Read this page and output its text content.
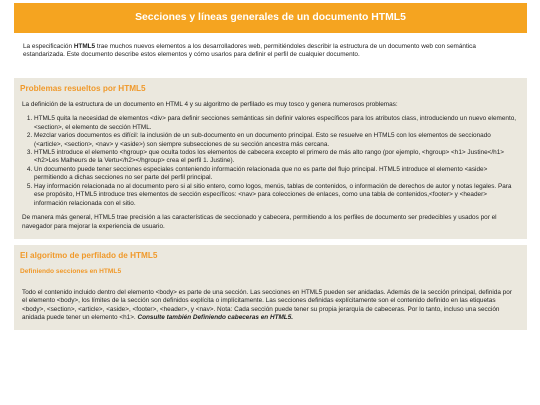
Secciones y líneas generales de un documento HTML5
La especificación HTML5 trae muchos nuevos elementos a los desarrolladores web, permitiéndoles describir la estructura de un documento web con semántica estandarizada. Este documento describe estos elementos y cómo usarlos para definir el perfil de cualquier documento.
Problemas resueltos por HTML5

La definición de la estructura de un documento en HTML 4 y su algoritmo de perfilado es muy tosco y genera numerosos problemas:

1. HTML5 quita la necesidad de elementos <div> para definir secciones semánticas sin definir valores específicos para los atributos class, introduciendo un nuevo elemento, <section>, el elemento de sección HTML.
2. Mezclar varios documentos es difícil: la inclusión de un sub-documento en un documento principal. Esto se resuelve en HTML5 con los elementos de seccionado (<article>, <section>, <nav> y <aside>) son siempre subsecciones de su sección ancestra más cercana.
3. HTML5 introduce el elemento <hgroup> que oculta todos los elementos de cabecera excepto el primero de más alto rango (por ejemplo, <hgroup> <h1> Justine</h1><h2>Les Malheurs de la Vertu</h2></hgroup> crea el perfil 1. Justine).
4. Un documento puede tener secciones especiales conteniendo información relacionada que no es parte del flujo principal. HTML5 introduce el elemento <aside> permitiendo a dichas secciones no ser parte del perfil principal.
5. Hay información relacionada no al documento pero si al sitio entero, como logos, menús, tablas de contenidos, o información de derechos de autor y notas legales. Para ese propósito, HTML5 introduce tres elementos de sección específicos: <nav> para colecciones de enlaces, como una tabla de contenidos,<footer> y <header> información relacionada con el sitio.

De manera más general, HTML5 trae precisión a las características de seccionado y cabecera, permitiendo a los perfiles de documento ser predecibles y usados por el navegador para mejorar la experiencia de usuario.

El algoritmo de perfilado de HTML5
Definiendo secciones en HTML5

Todo el contenido incluido dentro del elemento <body> es parte de una sección. Las secciones en HTML5 pueden ser anidadas. Además de la sección principal, definida por el elemento <body>, los límites de la sección son definidos explícita o implícitamente. Las secciones definidas explícitamente son el contenido definido en las etiquetas <body>, <section>, <article>, <aside>, <footer>, <header>, y <nav>. Nota: Cada sección puede tener su propia jerarquía de cabeceras. Por lo tanto, incluso una sección anidada puede tener un elemento <h1>. Consulte también Definiendo cabeceras en HTML5.
